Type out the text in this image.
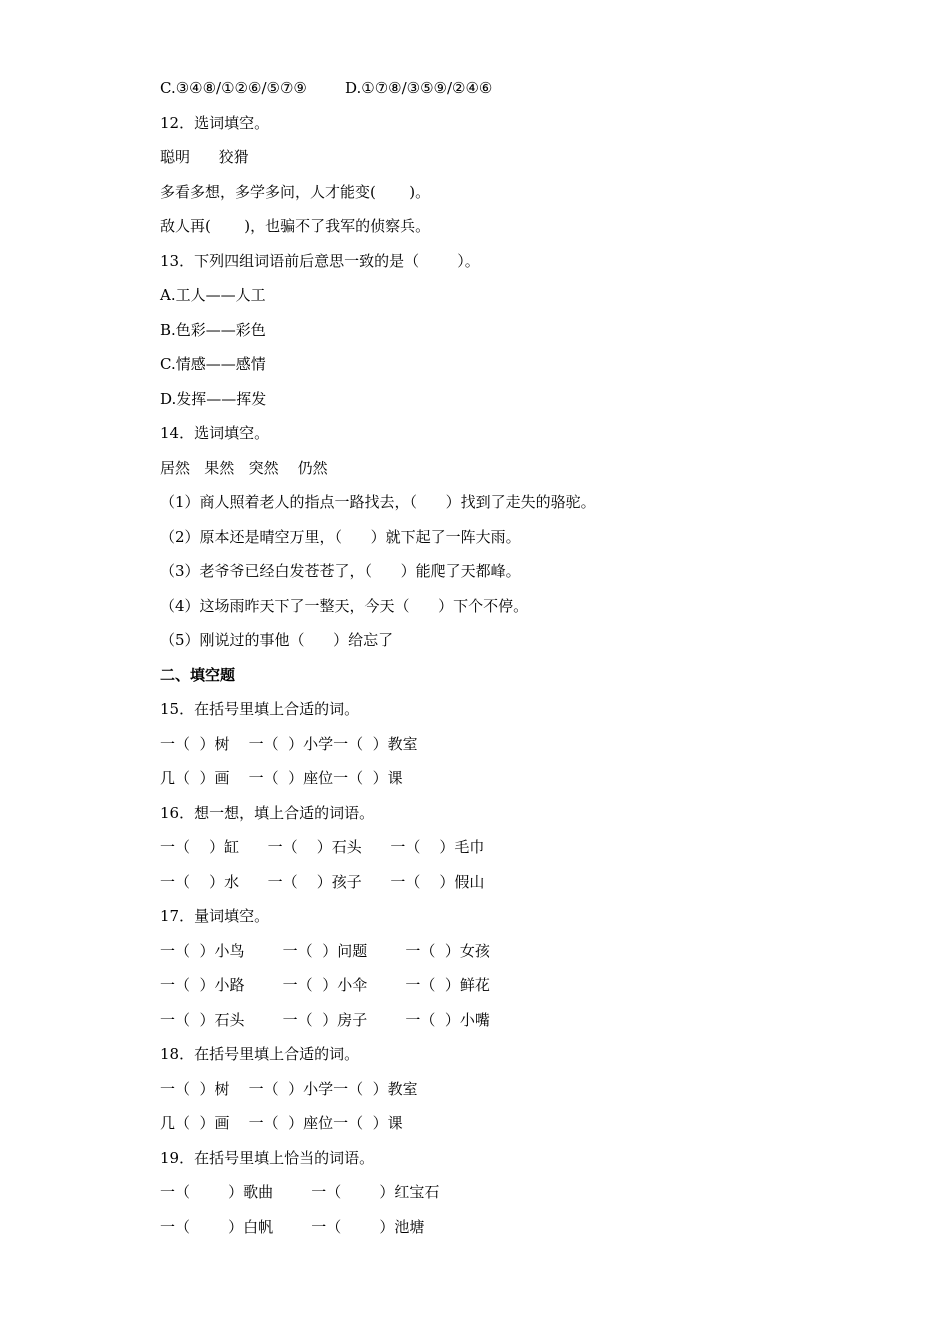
C.③④⑧/①②⑥/⑤⑦⑨        D.①⑦⑧/③⑤⑨/②④⑥

12．选词填空。

聪明      狡猾

多看多想，多学多问，人才能变(       )。

敌人再(       )，也骗不了我军的侦察兵。

13．下列四组词语前后意思一致的是（        ）。

A.工人——人工

B.色彩——彩色

C.情感——感情

D.发挥——挥发

14．选词填空。

居然   果然   突然    仍然

（1）商人照着老人的指点一路找去，（      ）找到了走失的骆驼。

（2）原本还是晴空万里，（      ）就下起了一阵大雨。

（3）老爷爷已经白发苍苍了，（      ）能爬了天都峰。

（4）这场雨昨天下了一整天，今天（      ）下个不停。

（5）刚说过的事他（      ）给忘了

二、填空题

15．在括号里填上合适的词。

一（  ）树    一（  ）小学一（  ）教室

几（  ）画    一（  ）座位一（  ）课

16．想一想，填上合适的词语。

一（    ）缸      一（    ）石头      一（    ）毛巾

一（    ）水      一（    ）孩子      一（    ）假山

17．量词填空。

一（  ）小鸟        一（  ）问题        一（  ）女孩

一（  ）小路        一（  ）小伞        一（  ）鲜花

一（  ）石头        一（  ）房子        一（  ）小嘴

18．在括号里填上合适的词。

一（  ）树    一（  ）小学一（  ）教室

几（  ）画    一（  ）座位一（  ）课

19．在括号里填上恰当的词语。

一（        ）歌曲        一（        ）红宝石

一（        ）白帆        一（        ）池塘
